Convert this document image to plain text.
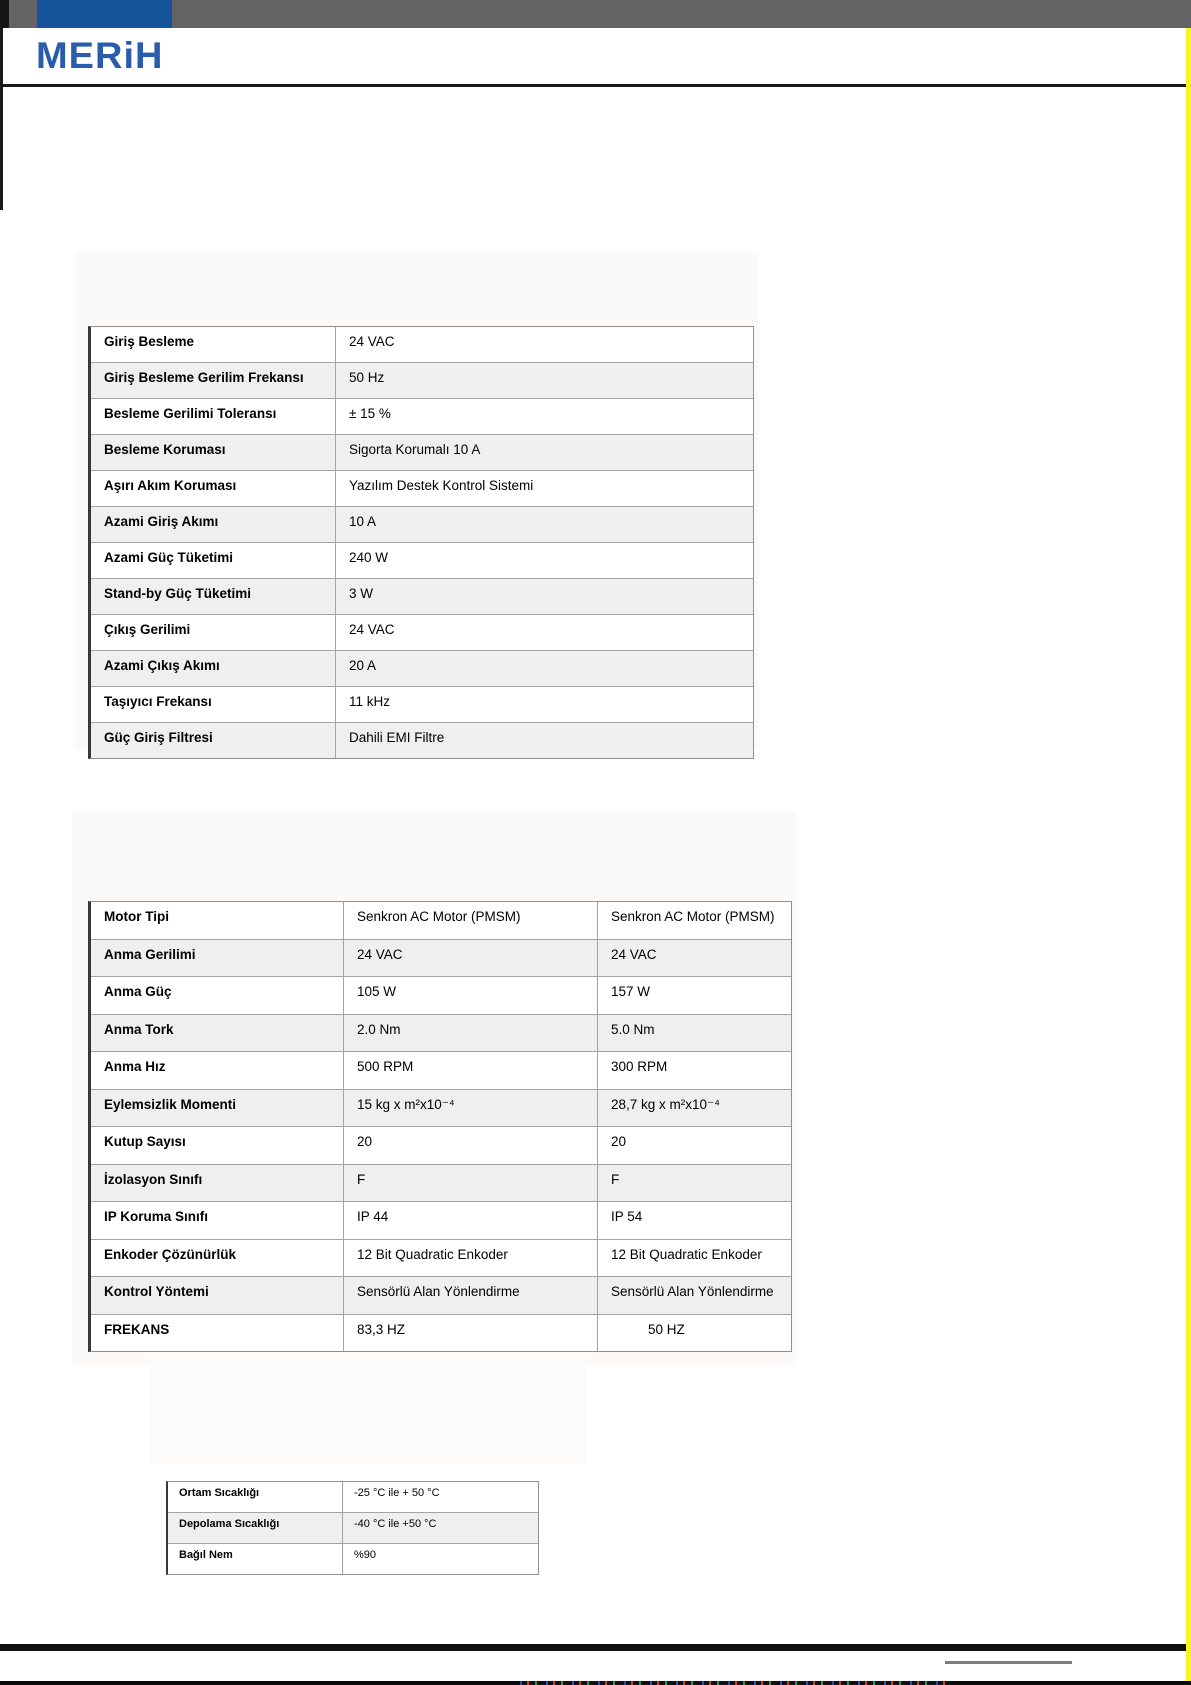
MERiH
Giriş Besleme	24 VAC
Giriş Besleme Gerilim Frekansı	50 Hz
Besleme Gerilimi Toleransı	± 15 %
Besleme Koruması	Sigorta Korumalı 10 A
Aşırı Akım Koruması	Yazılım Destek Kontrol Sistemi
Azami Giriş Akımı	10 A
Azami Güç Tüketimi	240 W
Stand-by Güç Tüketimi	3 W
Çıkış Gerilimi	24 VAC
Azami Çıkış Akımı	20 A
Taşıyıcı Frekansı	11 kHz
Güç Giriş Filtresi	Dahili EMI Filtre
Motor Tipi	Senkron AC Motor (PMSM)	Senkron AC Motor (PMSM)
Anma Gerilimi	24 VAC	24 VAC
Anma Güç	105 W	157 W
Anma Tork	2.0 Nm	5.0 Nm
Anma Hız	500 RPM	300 RPM
Eylemsizlik Momenti	15 kg x m²x10⁻⁴	28,7 kg x m²x10⁻⁴
Kutup Sayısı	20	20
İzolasyon Sınıfı	F	F
IP Koruma Sınıfı	IP 44	IP 54
Enkoder Çözünürlük	12 Bit Quadratic Enkoder	12 Bit Quadratic Enkoder
Kontrol Yöntemi	Sensörlü Alan Yönlendirme	Sensörlü Alan Yönlendirme
FREKANS	83,3 HZ	50 HZ
Ortam Sıcaklığı	-25 °C ile + 50 °C
Depolama Sıcaklığı	-40 °C ile +50 °C
Bağıl Nem	%90
